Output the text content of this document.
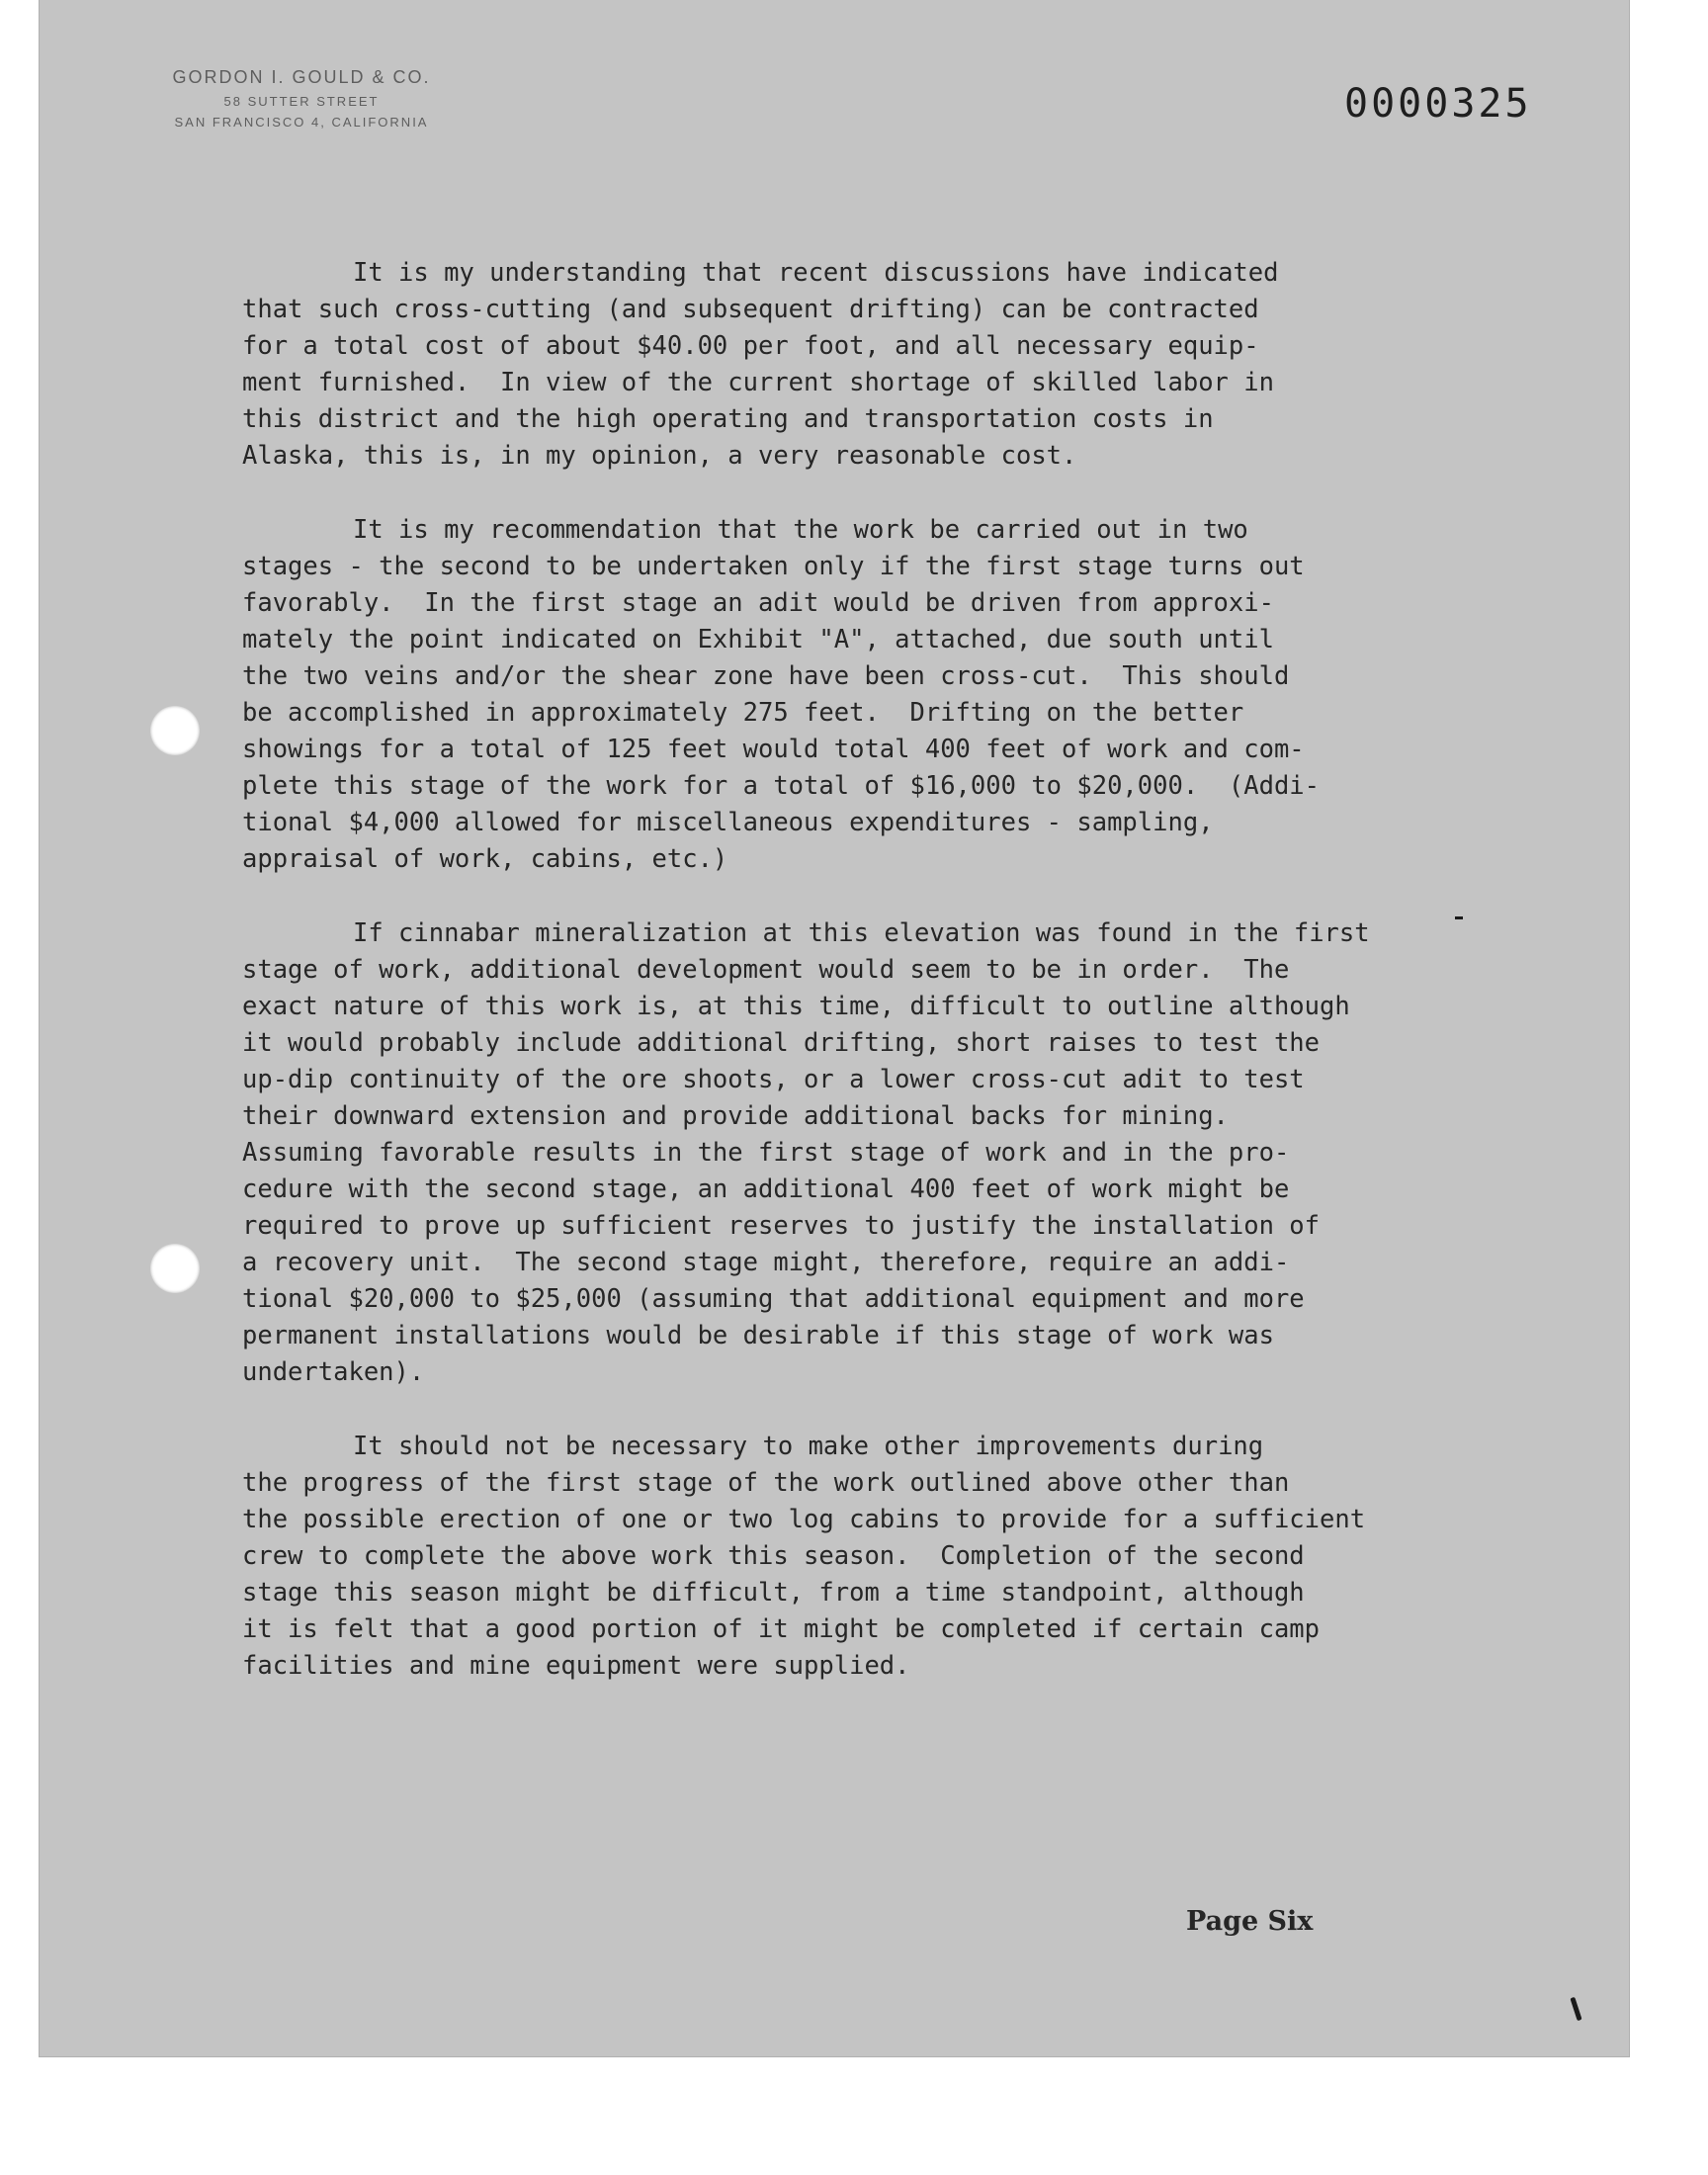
GORDON I. GOULD & CO.
58 SUTTER STREET
SAN FRANCISCO 4, CALIFORNIA	0000325
It is my understanding that recent discussions have indicated
that such cross-cutting (and subsequent drifting) can be contracted
for a total cost of about $40.00 per foot, and all necessary equip-
ment furnished.  In view of the current shortage of skilled labor in
this district and the high operating and transportation costs in
Alaska, this is, in my opinion, a very reasonable cost.
It is my recommendation that the work be carried out in two
stages - the second to be undertaken only if the first stage turns out
favorably.  In the first stage an adit would be driven from approxi-
mately the point indicated on Exhibit "A", attached, due south until
the two veins and/or the shear zone have been cross-cut.  This should
be accomplished in approximately 275 feet.  Drifting on the better
showings for a total of 125 feet would total 400 feet of work and com-
plete this stage of the work for a total of $16,000 to $20,000.  (Addi-
tional $4,000 allowed for miscellaneous expenditures - sampling,
appraisal of work, cabins, etc.)
If cinnabar mineralization at this elevation was found in the first
stage of work, additional development would seem to be in order.  The
exact nature of this work is, at this time, difficult to outline although
it would probably include additional drifting, short raises to test the
up-dip continuity of the ore shoots, or a lower cross-cut adit to test
their downward extension and provide additional backs for mining.
Assuming favorable results in the first stage of work and in the pro-
cedure with the second stage, an additional 400 feet of work might be
required to prove up sufficient reserves to justify the installation of
a recovery unit.  The second stage might, therefore, require an addi-
tional $20,000 to $25,000 (assuming that additional equipment and more
permanent installations would be desirable if this stage of work was
undertaken).
It should not be necessary to make other improvements during
the progress of the first stage of the work outlined above other than
the possible erection of one or two log cabins to provide for a sufficient
crew to complete the above work this season.  Completion of the second
stage this season might be difficult, from a time standpoint, although
it is felt that a good portion of it might be completed if certain camp
facilities and mine equipment were supplied.
Page Six
